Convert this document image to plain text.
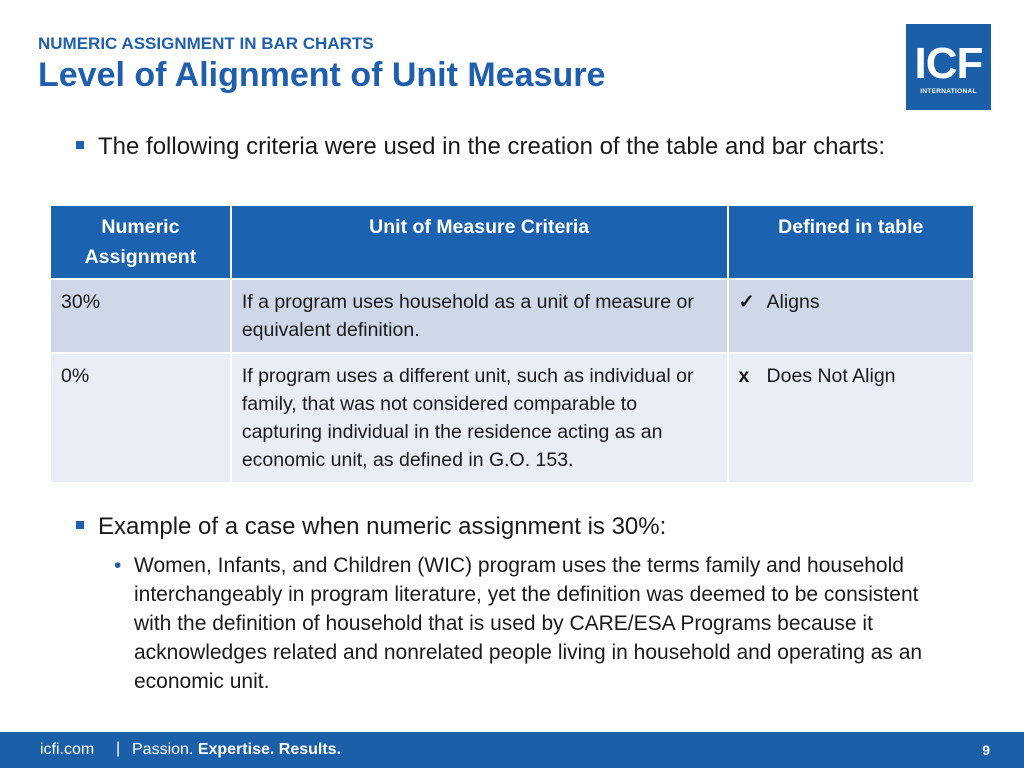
NUMERIC ASSIGNMENT IN BAR CHARTS
Level of Alignment of Unit Measure	ICF
INTERNATIONAL
The following criteria were used in the creation of the table and bar charts:
Numeric Assignment	Unit of Measure Criteria	Defined in table
30%	If a program uses household as a unit of measure or equivalent definition.	✓ Aligns
0%	If program uses a different unit, such as individual or family, that was not considered comparable to capturing individual in the residence acting as an economic unit, as defined in G.O. 153.	x Does Not Align
Example of a case when numeric assignment is 30%:
• Women, Infants, and Children (WIC) program uses the terms family and household interchangeably in program literature, yet the definition was deemed to be consistent with the definition of household that is used by CARE/ESA Programs because it acknowledges related and nonrelated people living in household and operating as an economic unit.
icfi.com | Passion. Expertise. Results.	9
